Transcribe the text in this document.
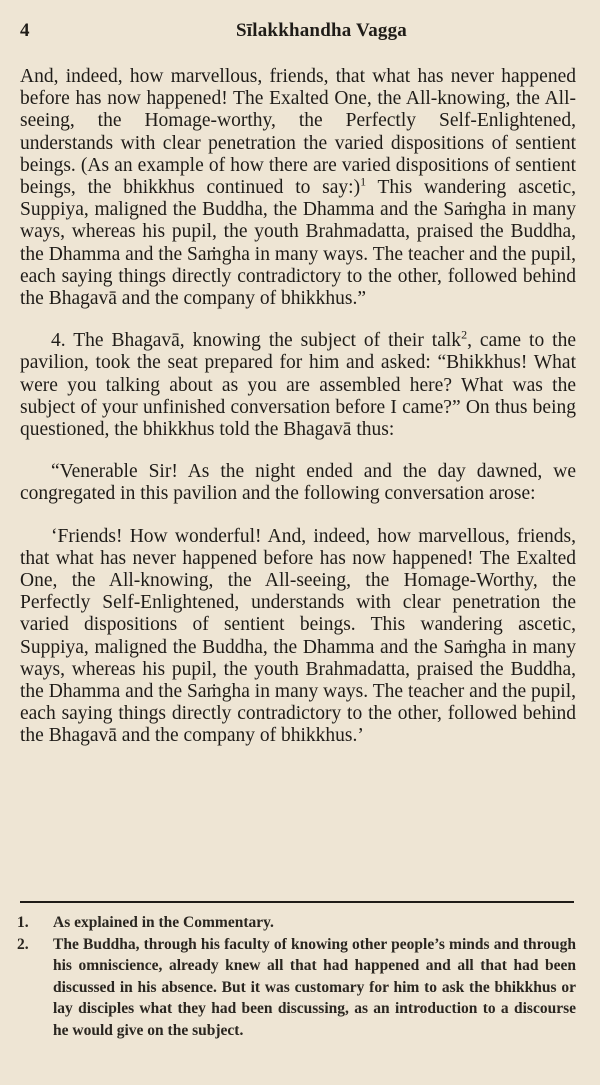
4	Sīlakkhandha Vagga

And, indeed, how marvellous, friends, that what has never happened before has now happened! The Exalted One, the All-knowing, the All-seeing, the Homage-worthy, the Perfectly Self-Enlightened, understands with clear penetration the varied dispositions of sentient beings. (As an example of how there are varied dispositions of sentient beings, the bhikkhus continued to say:)$^1$ This wandering ascetic, Suppiya, maligned the Buddha, the Dhamma and the Saṁgha in many ways, whereas his pupil, the youth Brahmadatta, praised the Buddha, the Dhamma and the Saṁgha in many ways. The teacher and the pupil, each saying things directly contradictory to the other, followed behind the Bhagavā and the company of bhikkhus.”

4. The Bhagavā, knowing the subject of their talk$^2$, came to the pavilion, took the seat prepared for him and asked: “Bhikkhus! What were you talking about as you are assembled here? What was the subject of your unfinished conversation before I came?” On thus being questioned, the bhikkhus told the Bhagavā thus:

“Venerable Sir! As the night ended and the day dawned, we congregated in this pavilion and the following conversation arose:

‘Friends! How wonderful! And, indeed, how marvellous, friends, that what has never happened before has now happened! The Exalted One, the All-knowing, the All-seeing, the Homage-Worthy, the Perfectly Self-Enlightened, understands with clear penetration the varied dispositions of sentient beings. This wandering ascetic, Suppiya, maligned the Buddha, the Dhamma and the Saṁgha in many ways, whereas his pupil, the youth Brahmadatta, praised the Buddha, the Dhamma and the Saṁgha in many ways. The teacher and the pupil, each saying things directly contradictory to the other, followed behind the Bhagavā and the company of bhikkhus.’

1. As explained in the Commentary.

2. The Buddha, through his faculty of knowing other people’s minds and through his omniscience, already knew all that had happened and all that had been discussed in his absence. But it was customary for him to ask the bhikkhus or lay disciples what they had been discussing, as an introduction to a discourse he would give on the subject.
